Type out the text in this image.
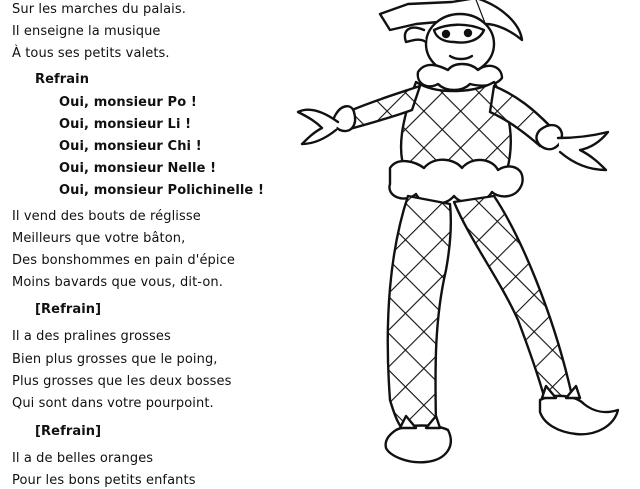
Sur les marches du palais.
Il enseigne la musique
À tous ses petits valets.
Refrain
Oui, monsieur Po !
Oui, monsieur Li !
Oui, monsieur Chi !
Oui, monsieur Nelle !
Oui, monsieur Polichinelle !
Il vend des bouts de réglisse
Meilleurs que votre bâton,
Des bonshommes en pain d'épice
Moins bavards que vous, dit-on.
[Refrain]
Il a des pralines grosses
Bien plus grosses que le poing,
Plus grosses que les deux bosses
Qui sont dans votre pourpoint.
[Refrain]
Il a de belles oranges
Pour les bons petits enfants
